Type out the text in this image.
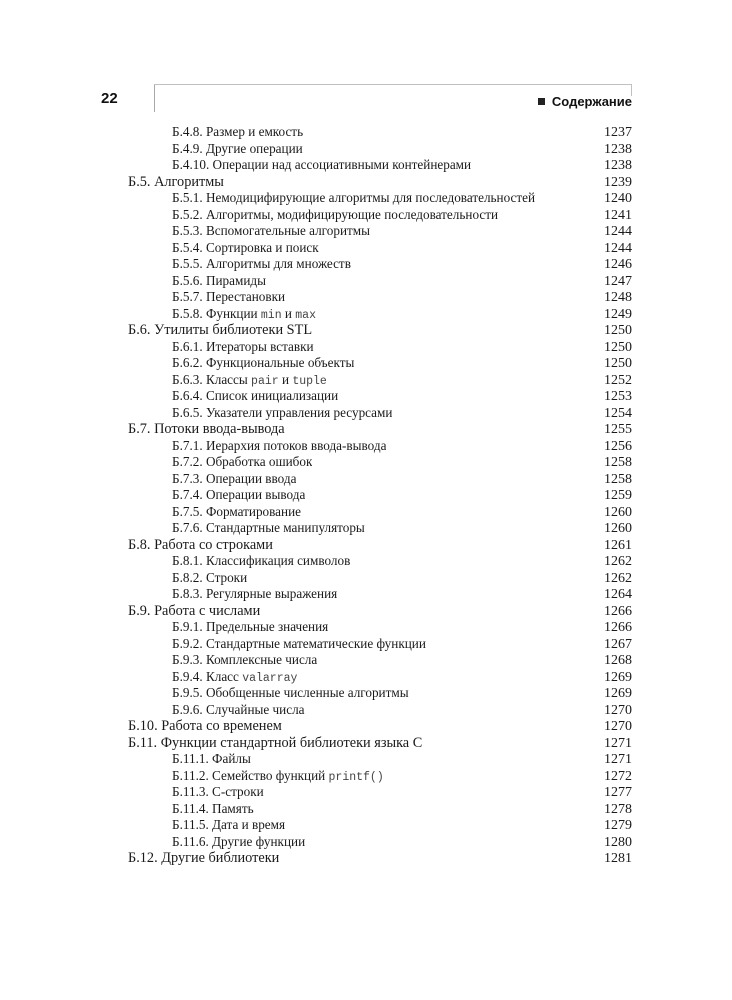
22	Содержание
Б.4.8. Размер и емкость	1237
Б.4.9. Другие операции	1238
Б.4.10. Операции над ассоциативными контейнерами	1238
Б.5. Алгоритмы	1239
Б.5.1. Немодицифирующие алгоритмы для последовательностей	1240
Б.5.2. Алгоритмы, модифицирующие последовательности	1241
Б.5.3. Вспомогательные алгоритмы	1244
Б.5.4. Сортировка и поиск	1244
Б.5.5. Алгоритмы для множеств	1246
Б.5.6. Пирамиды	1247
Б.5.7. Перестановки	1248
Б.5.8. Функции min и max	1249
Б.6. Утилиты библиотеки STL	1250
Б.6.1. Итераторы вставки	1250
Б.6.2. Функциональные объекты	1250
Б.6.3. Классы pair и tuple	1252
Б.6.4. Список инициализации	1253
Б.6.5. Указатели управления ресурсами	1254
Б.7. Потоки ввода-вывода	1255
Б.7.1. Иерархия потоков ввода-вывода	1256
Б.7.2. Обработка ошибок	1258
Б.7.3. Операции ввода	1258
Б.7.4. Операции вывода	1259
Б.7.5. Форматирование	1260
Б.7.6. Стандартные манипуляторы	1260
Б.8. Работа со строками	1261
Б.8.1. Классификация символов	1262
Б.8.2. Строки	1262
Б.8.3. Регулярные выражения	1264
Б.9. Работа с числами	1266
Б.9.1. Предельные значения	1266
Б.9.2. Стандартные математические функции	1267
Б.9.3. Комплексные числа	1268
Б.9.4. Класс valarray	1269
Б.9.5. Обобщенные численные алгоритмы	1269
Б.9.6. Случайные числа	1270
Б.10. Работа со временем	1270
Б.11. Функции стандартной библиотеки языка С	1271
Б.11.1. Файлы	1271
Б.11.2. Семейство функций printf()	1272
Б.11.3. С-строки	1277
Б.11.4. Память	1278
Б.11.5. Дата и время	1279
Б.11.6. Другие функции	1280
Б.12. Другие библиотеки	1281
